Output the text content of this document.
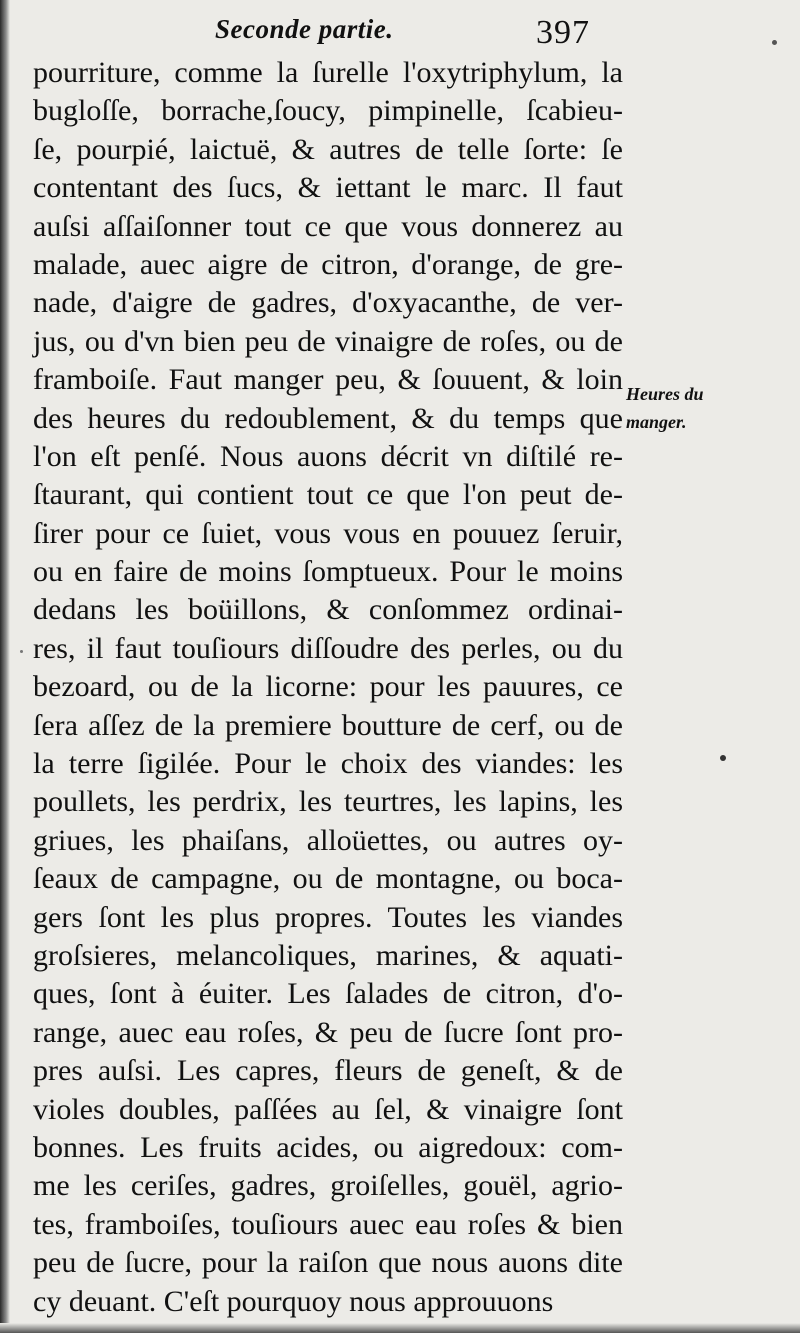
Seconde partie.	397
pourriture, comme la ſurelle l'oxytriphylum, la
bugloſſe, borrache,ſoucy, pimpinelle, ſcabieu-
ſe, pourpié, laictuë, & autres de telle ſorte: ſe
contentant des ſucs, & iettant le marc. Il faut
auſsi aſſaiſonner tout ce que vous donnerez au
malade, auec aigre de citron, d'orange, de gre-
nade, d'aigre de gadres, d'oxyacanthe, de ver-
jus, ou d'vn bien peu de vinaigre de roſes, ou de
framboiſe. Faut manger peu, & ſouuent, & loin
des heures du redoublement, & du temps que
l'on eſt penſé. Nous auons décrit vn diſtilé re-
ſtaurant, qui contient tout ce que l'on peut de-
ſirer pour ce ſuiet, vous vous en pouuez ſeruir,
ou en faire de moins ſomptueux. Pour le moins
dedans les boüillons, & conſommez ordinai-
res, il faut touſiours diſſoudre des perles, ou du
bezoard, ou de la licorne: pour les pauures, ce
ſera aſſez de la premiere boutture de cerf, ou de
la terre ſigilée. Pour le choix des viandes: les
poullets, les perdrix, les teurtres, les lapins, les
griues, les phaiſans, alloüettes, ou autres oy-
ſeaux de campagne, ou de montagne, ou boca-
gers ſont les plus propres. Toutes les viandes
groſsieres, melancoliques, marines, & aquati-
ques, ſont à éuiter. Les ſalades de citron, d'o-
range, auec eau roſes, & peu de ſucre ſont pro-
pres auſsi. Les capres, fleurs de geneſt, & de
violes doubles, paſſées au ſel, & vinaigre ſont
bonnes. Les fruits acides, ou aigredoux: com-
me les ceriſes, gadres, groiſelles, gouël, agrio-
tes, framboiſes, touſiours auec eau roſes & bien
peu de ſucre, pour la raiſon que nous auons dite
cy deuant. C'eſt pourquoy nous approuuons
Heures du
manger.
